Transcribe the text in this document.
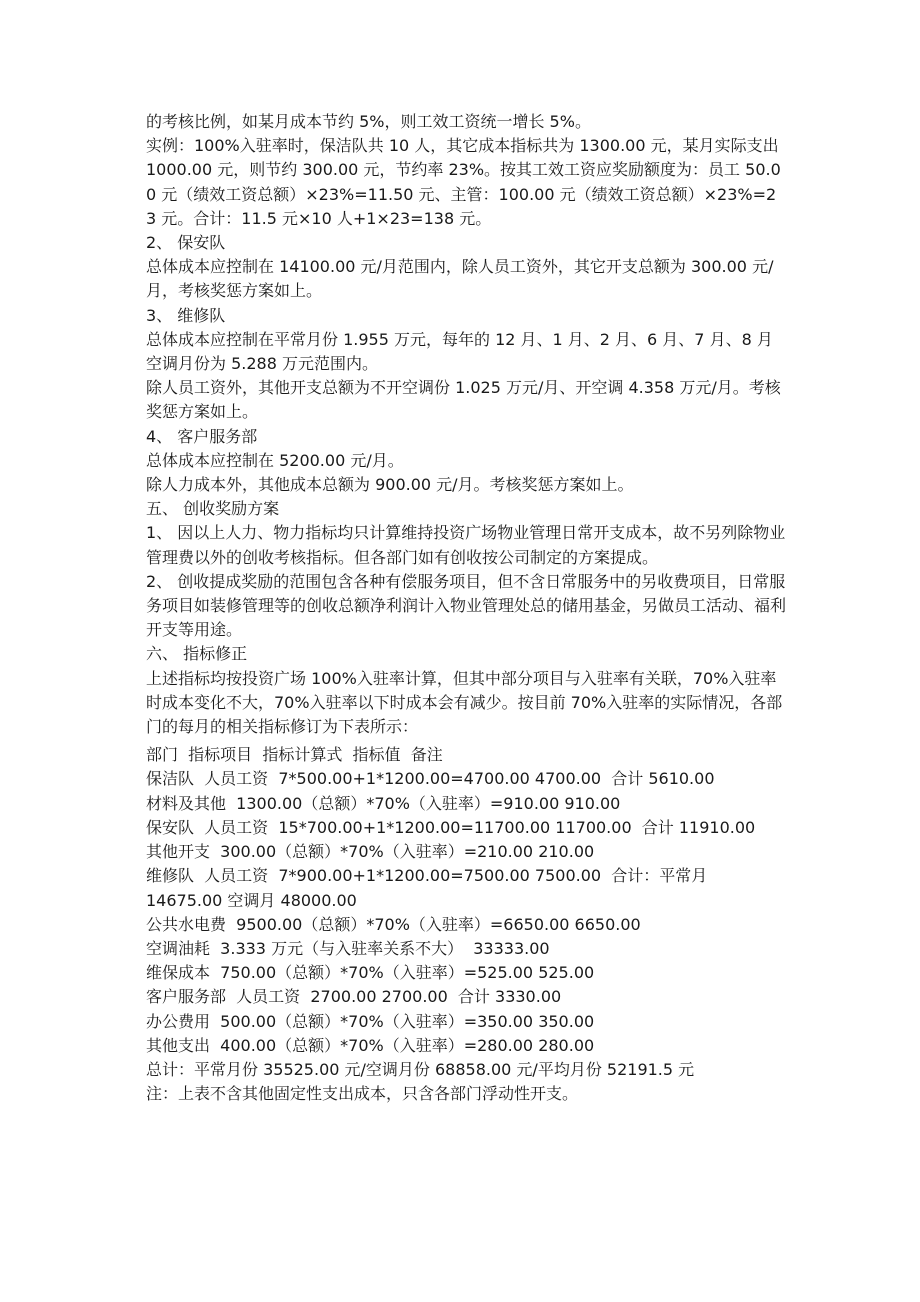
的考核比例，如某月成本节约 5%，则工效工资统一增长 5%。

实例：100%入驻率时，保洁队共 10 人，其它成本指标共为 1300.00 元，某月实际支出 1000.00 元，则节约 300.00 元，节约率 23%。按其工效工资应奖励额度为：员工 50.00 元（绩效工资总额）×23%=11.50 元、主管：100.00 元（绩效工资总额）×23%=23 元。合计：11.5 元×10 人+1×23=138 元。

2、 保安队

总体成本应控制在 14100.00 元/月范围内，除人员工资外，其它开支总额为 300.00 元/月，考核奖惩方案如上。

3、 维修队

总体成本应控制在平常月份 1.955 万元，每年的 12 月、1 月、2 月、6 月、7 月、8 月空调月份为 5.288 万元范围内。

除人员工资外，其他开支总额为不开空调份 1.025 万元/月、开空调 4.358 万元/月。考核奖惩方案如上。

4、 客户服务部

总体成本应控制在 5200.00 元/月。

除人力成本外，其他成本总额为 900.00 元/月。考核奖惩方案如上。

五、 创收奖励方案

1、 因以上人力、物力指标均只计算维持投资广场物业管理日常开支成本，故不另列除物业管理费以外的创收考核指标。但各部门如有创收按公司制定的方案提成。

2、 创收提成奖励的范围包含各种有偿服务项目，但不含日常服务中的另收费项目，日常服务项目如装修管理等的创收总额净利润计入物业管理处总的储用基金，另做员工活动、福利开支等用途。

六、 指标修正

上述指标均按投资广场 100%入驻率计算，但其中部分项目与入驻率有关联，70%入驻率时成本变化不大，70%入驻率以下时成本会有减少。按目前 70%入驻率的实际情况，各部门的每月的相关指标修订为下表所示：

部门  指标项目  指标计算式  指标值  备注

保洁队  人员工资  7*500.00+1*1200.00=4700.00 4700.00  合计 5610.00

材料及其他  1300.00（总额）*70%（入驻率）=910.00 910.00

保安队  人员工资  15*700.00+1*1200.00=11700.00 11700.00  合计 11910.00

其他开支  300.00（总额）*70%（入驻率）=210.00 210.00

维修队  人员工资  7*900.00+1*1200.00=7500.00 7500.00  合计：平常月

14675.00 空调月 48000.00

公共水电费  9500.00（总额）*70%（入驻率）=6650.00 6650.00

空调油耗  3.333 万元（与入驻率关系不大）  33333.00

维保成本  750.00（总额）*70%（入驻率）=525.00 525.00

客户服务部  人员工资  2700.00 2700.00  合计 3330.00

办公费用  500.00（总额）*70%（入驻率）=350.00 350.00

其他支出  400.00（总额）*70%（入驻率）=280.00 280.00

总计：平常月份 35525.00 元/空调月份 68858.00 元/平均月份 52191.5 元

注：上表不含其他固定性支出成本，只含各部门浮动性开支。
